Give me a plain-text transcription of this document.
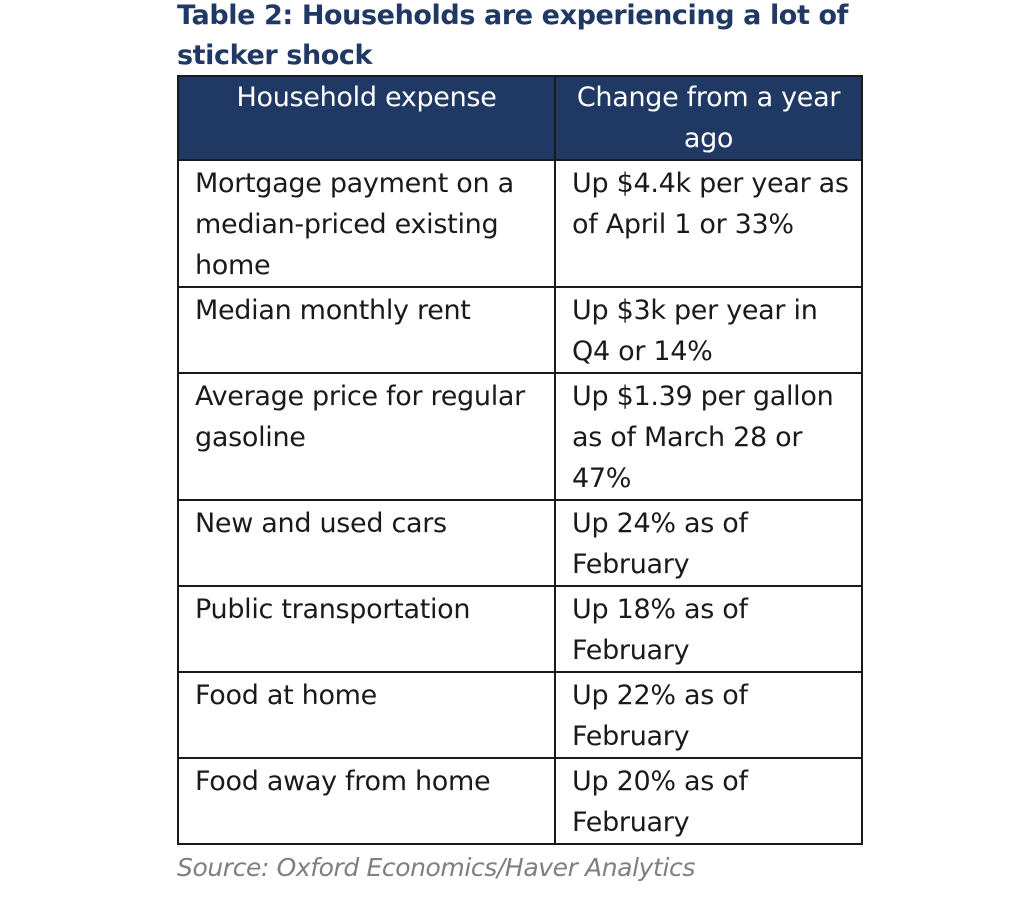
Table 2: Households are experiencing a lot of sticker shock
Household expense	Change from a year ago
Mortgage payment on a median-priced existing home	Up $4.4k per year as of April 1 or 33%
Median monthly rent	Up $3k per year in Q4 or 14%
Average price for regular gasoline	Up $1.39 per gallon as of March 28 or 47%
New and used cars	Up 24% as of February
Public transportation	Up 18% as of February
Food at home	Up 22% as of February
Food away from home	Up 20% as of February
Source: Oxford Economics/Haver Analytics
